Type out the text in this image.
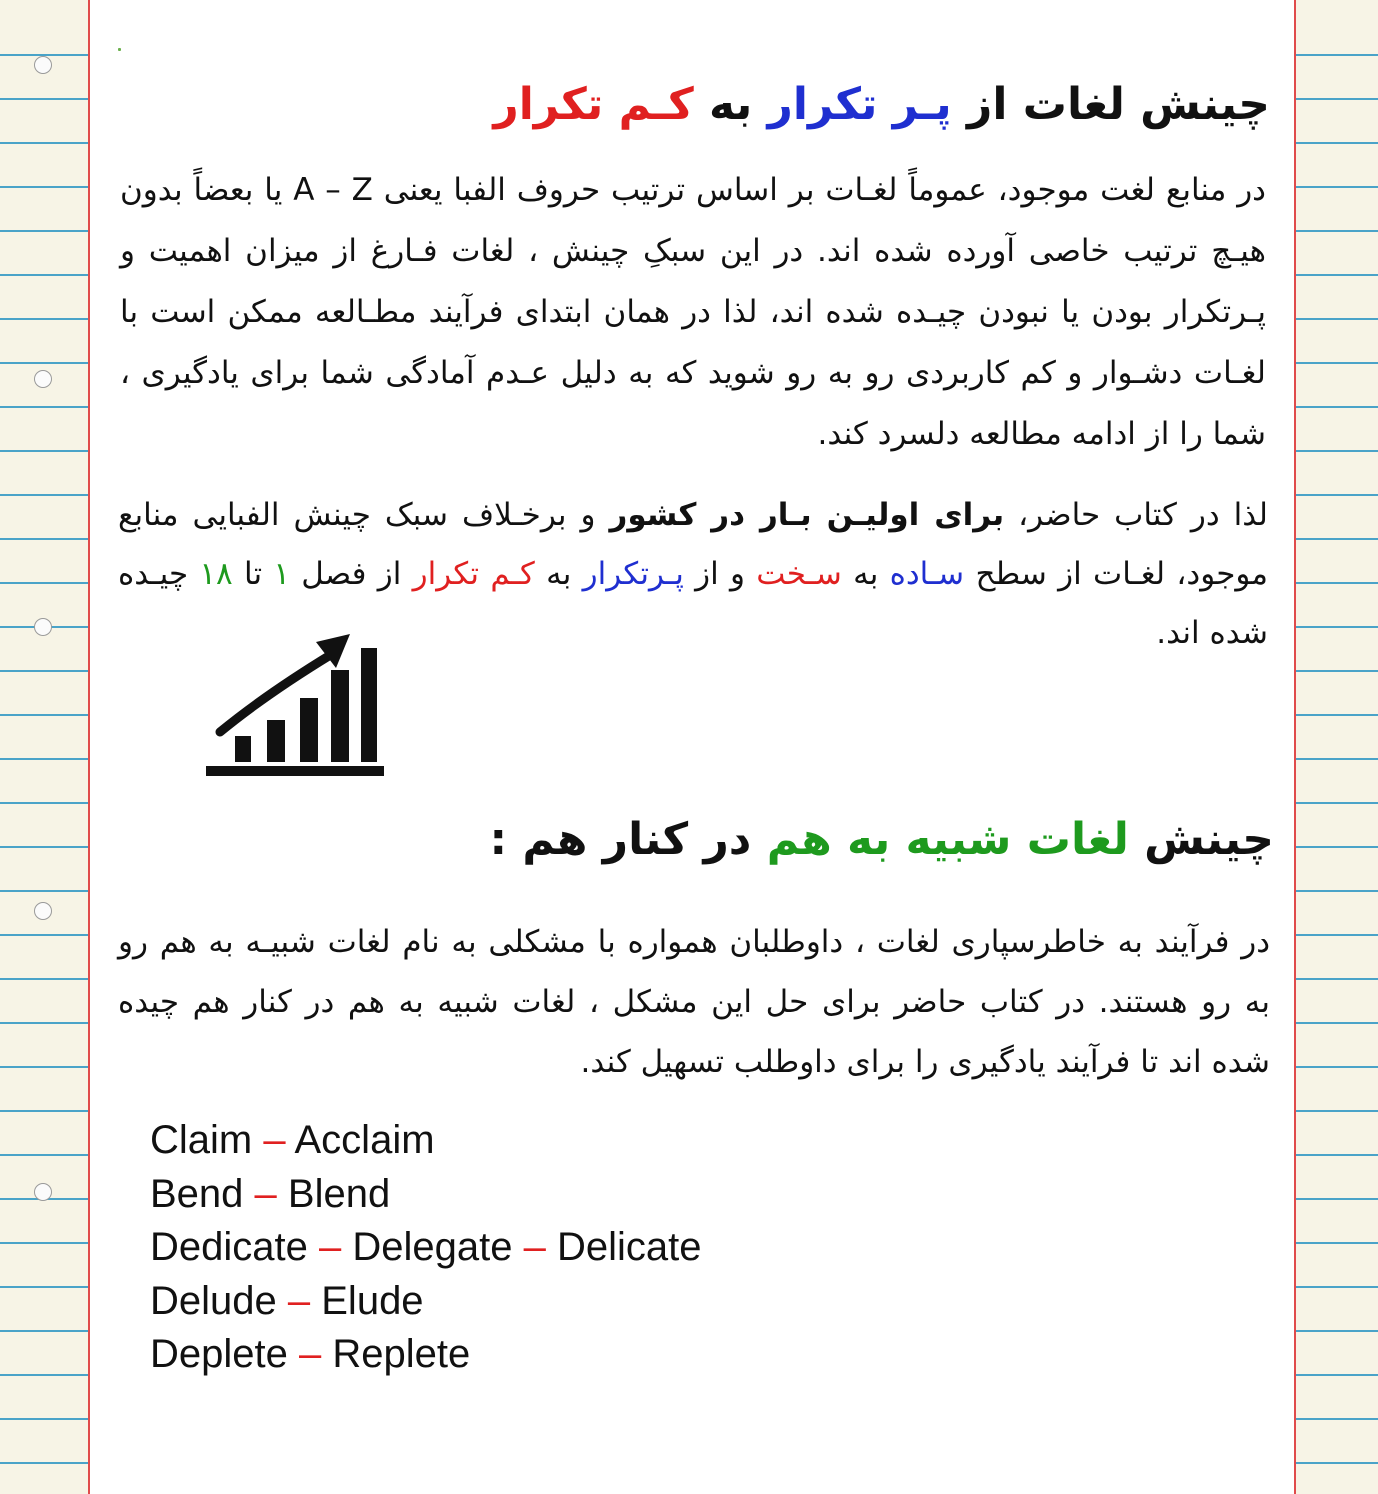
چینش لغات از پـر تکرار به کـم تکرار
در منابع لغت موجود، عموماً لغـات بر اساس ترتیب حروف الفبا یعنی A – Z یا بعضاً بدون هیـچ ترتیب خاصی آورده شده اند. در این سبکِ چینش ، لغات فـارغ از میزان اهمیت و پـرتکرار بودن یا نبودن چیـده شده اند، لذا در همان ابتدای فرآیند مطـالعه ممکن است با لغـات دشـوار و کم کاربردی رو به رو شوید که به دلیل عـدم آمادگی شما برای یادگیری ، شما را از ادامه مطالعه دلسرد کند.
لذا در کتاب حاضر، برای اولیـن بـار در کشور و برخـلاف سبک چینش الفبایی منابع موجود، لغـات از سطح سـاده به سـخت و از پـرتکرار به کـم تکرار از فصل ۱ تا ۱۸ چیـده شده اند.
چینش لغات شبیه به هم در کنار هم :
در فرآیند به خاطرسپاری لغات ، داوطلبان همواره با مشکلی به نام لغات شبیـه به هم رو به رو هستند. در کتاب حاضر برای حل این مشکل ، لغات شبیه به هم در کنار هم چیده شده اند تا فرآیند یادگیری را برای داوطلب تسهیل کند.
Claim – Acclaim
Bend – Blend
Dedicate – Delegate – Delicate
Delude – Elude
Deplete – Replete
